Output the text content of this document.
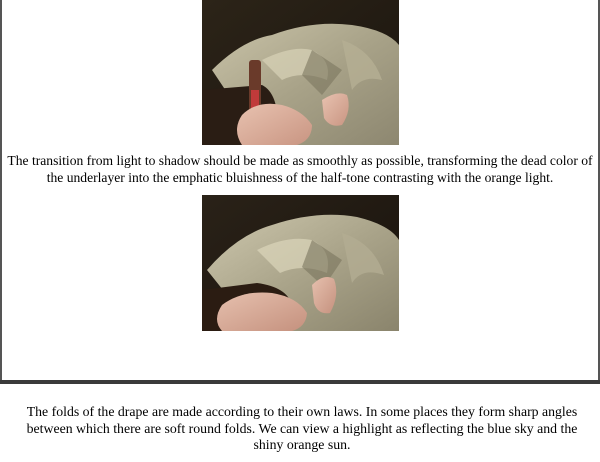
The transition from light to shadow should be made as smoothly as possible, transforming the dead color of the underlayer into the emphatic bluishness of the half-tone contrasting with the orange light.
The folds of the drape are made according to their own laws. In some places they form sharp angles between which there are soft round folds. We can view a highlight as reflecting the blue sky and the shiny orange sun.
